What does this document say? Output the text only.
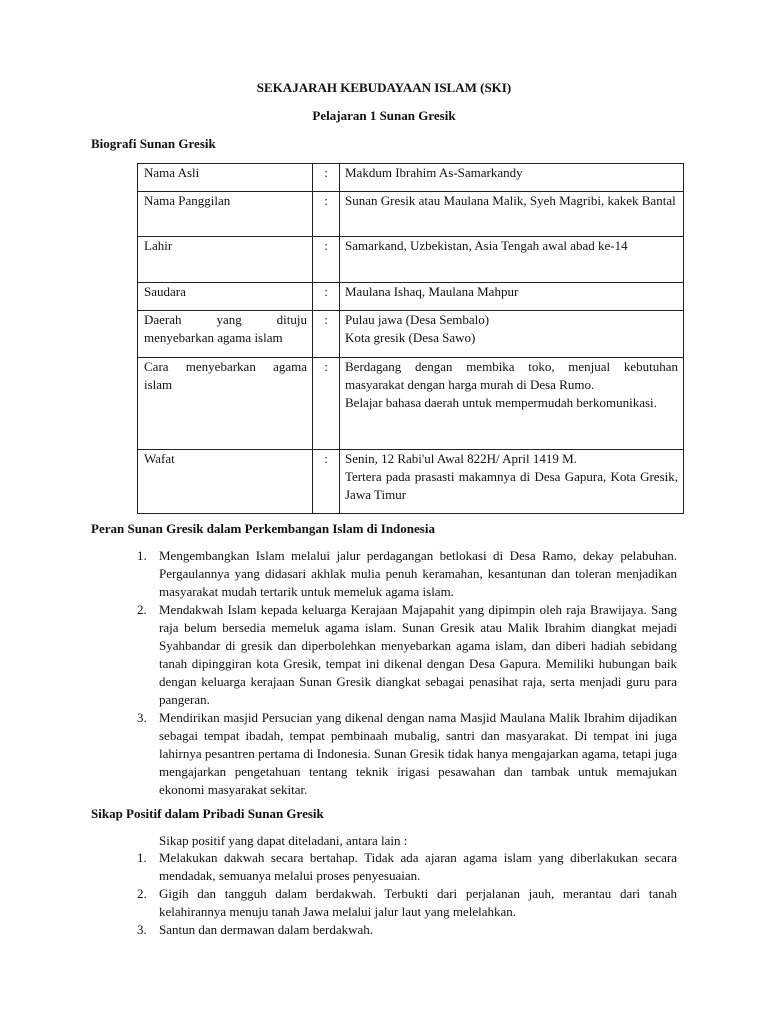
SEKAJARAH KEBUDAYAAN ISLAM (SKI)
Pelajaran 1 Sunan Gresik
Biografi Sunan Gresik
Nama Asli	:	Makdum Ibrahim As-Samarkandy

Nama Panggilan	:	Sunan Gresik atau Maulana Malik, Syeh Magribi, kakek Bantal

Lahir	:	Samarkand, Uzbekistan, Asia Tengah awal abad ke-14

Saudara	:	Maulana Ishaq, Maulana Mahpur

Daerah yang dituju menyebarkan agama islam	:	Pulau jawa (Desa Sembalo)
Kota gresik (Desa Sawo)

Cara menyebarkan agama islam	:	Berdagang dengan membika toko, menjual kebutuhan masyarakat dengan harga murah di Desa Rumo.
Belajar bahasa daerah untuk mempermudah berkomunikasi.

Wafat	:	Senin, 12 Rabi'ul Awal 822H/ April 1419 M.
Tertera pada prasasti makamnya di Desa Gapura, Kota Gresik, Jawa Timur
Peran Sunan Gresik dalam Perkembangan Islam di Indonesia
1. Mengembangkan Islam melalui jalur perdagangan betlokasi di Desa Ramo, dekay pelabuhan. Pergaulannya yang didasari akhlak mulia penuh keramahan, kesantunan dan toleran menjadikan masyarakat mudah tertarik untuk memeluk agama islam.
2. Mendakwah Islam kepada keluarga Kerajaan Majapahit yang dipimpin oleh raja Brawijaya. Sang raja belum bersedia memeluk agama islam. Sunan Gresik atau Malik Ibrahim diangkat mejadi Syahbandar di gresik dan diperbolehkan menyebarkan agama islam, dan diberi hadiah sebidang tanah dipinggiran kota Gresik, tempat ini dikenal dengan Desa Gapura. Memiliki hubungan baik dengan keluarga kerajaan Sunan Gresik diangkat sebagai penasihat raja, serta menjadi guru para pangeran.
3. Mendirikan masjid Persucian yang dikenal dengan nama Masjid Maulana Malik Ibrahim dijadikan sebagai tempat ibadah, tempat pembinaah mubalig, santri dan masyarakat. Di tempat ini juga lahirnya pesantren pertama di Indonesia. Sunan Gresik tidak hanya mengajarkan agama, tetapi juga mengajarkan pengetahuan tentang teknik irigasi pesawahan dan tambak untuk memajukan ekonomi masyarakat sekitar.
Sikap Positif dalam Pribadi Sunan Gresik
Sikap positif yang dapat diteladani, antara lain :
1. Melakukan dakwah secara bertahap. Tidak ada ajaran agama islam yang diberlakukan secara mendadak, semuanya melalui proses penyesuaian.
2. Gigih dan tangguh dalam berdakwah. Terbukti dari perjalanan jauh, merantau dari tanah kelahirannya menuju tanah Jawa melalui jalur laut yang melelahkan.
3. Santun dan dermawan dalam berdakwah.
